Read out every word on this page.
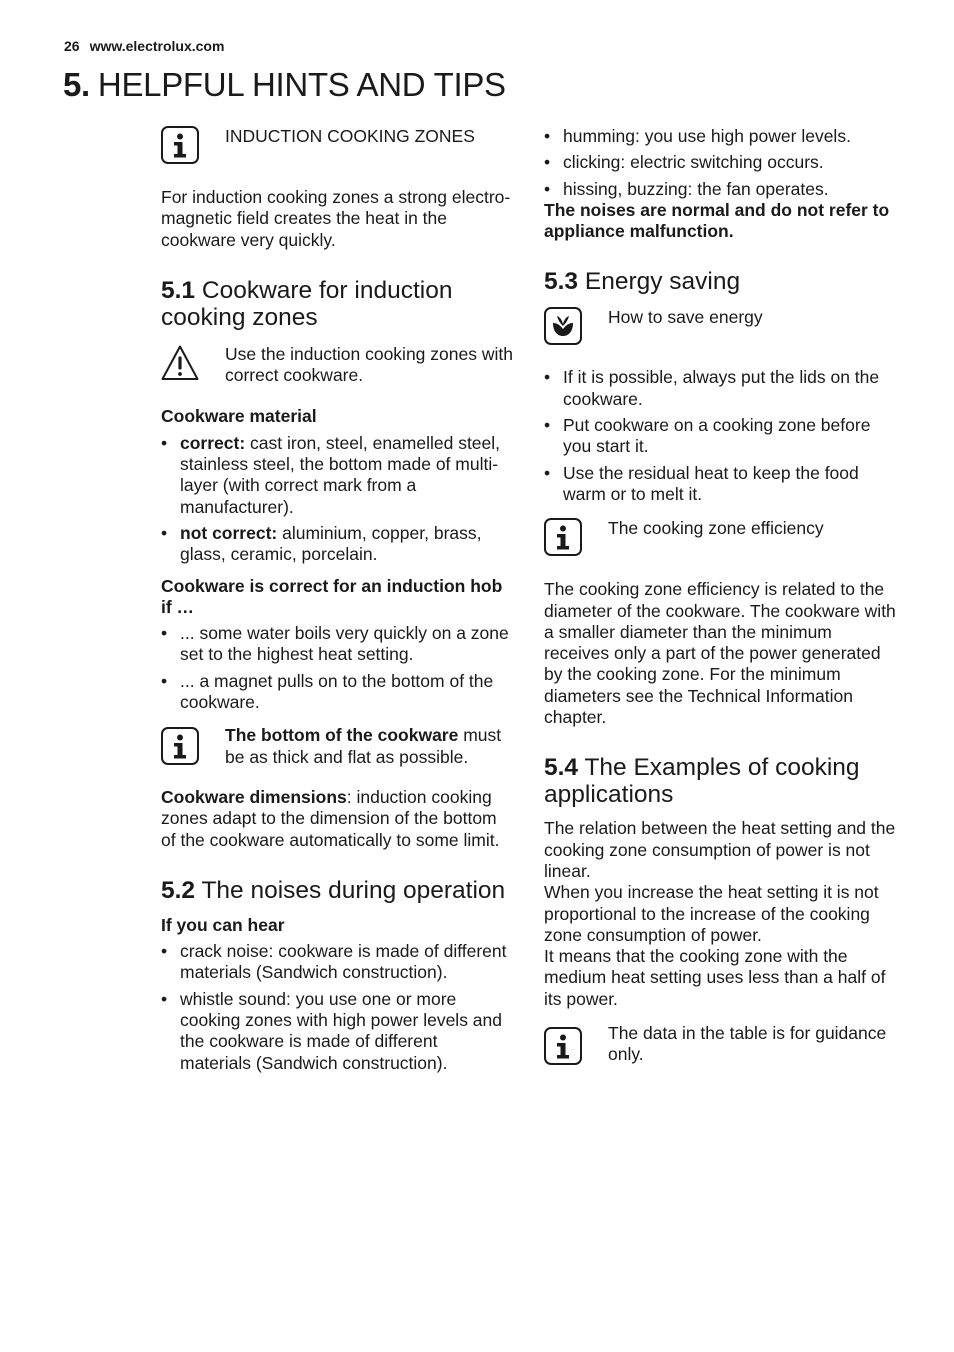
26 www.electrolux.com
5. HELPFUL HINTS AND TIPS
INDUCTION COOKING ZONES

For induction cooking zones a strong electro-magnetic field creates the heat in the cookware very quickly.

5.1 Cookware for induction cooking zones
Use the induction cooking zones with correct cookware.

Cookware material

• correct: cast iron, steel, enamelled steel, stainless steel, the bottom made of multi-layer (with correct mark from a manufacturer).
• not correct: aluminium, copper, brass, glass, ceramic, porcelain.

Cookware is correct for an induction hob if …

• ... some water boils very quickly on a zone set to the highest heat setting.
• ... a magnet pulls on to the bottom of the cookware.
The bottom of the cookware must be as thick and flat as possible.

Cookware dimensions: induction cooking zones adapt to the dimension of the bottom of the cookware automatically to some limit.

5.2 The noises during operation

If you can hear

• crack noise: cookware is made of different materials (Sandwich construction).
• whistle sound: you use one or more cooking zones with high power levels and the cookware is made of different materials (Sandwich construction).
• humming: you use high power levels.
• clicking: electric switching occurs.
• hissing, buzzing: the fan operates.

The noises are normal and do not refer to appliance malfunction.

5.3 Energy saving
How to save energy
• If it is possible, always put the lids on the cookware.
• Put cookware on a cooking zone before you start it.
• Use the residual heat to keep the food warm or to melt it.
The cooking zone efficiency

The cooking zone efficiency is related to the diameter of the cookware. The cookware with a smaller diameter than the minimum receives only a part of the power generated by the cooking zone. For the minimum diameters see the Technical Information chapter.

5.4 The Examples of cooking applications

The relation between the heat setting and the cooking zone consumption of power is not linear.

When you increase the heat setting it is not proportional to the increase of the cooking zone consumption of power.

It means that the cooking zone with the medium heat setting uses less than a half of its power.

The data in the table is for guidance only.
